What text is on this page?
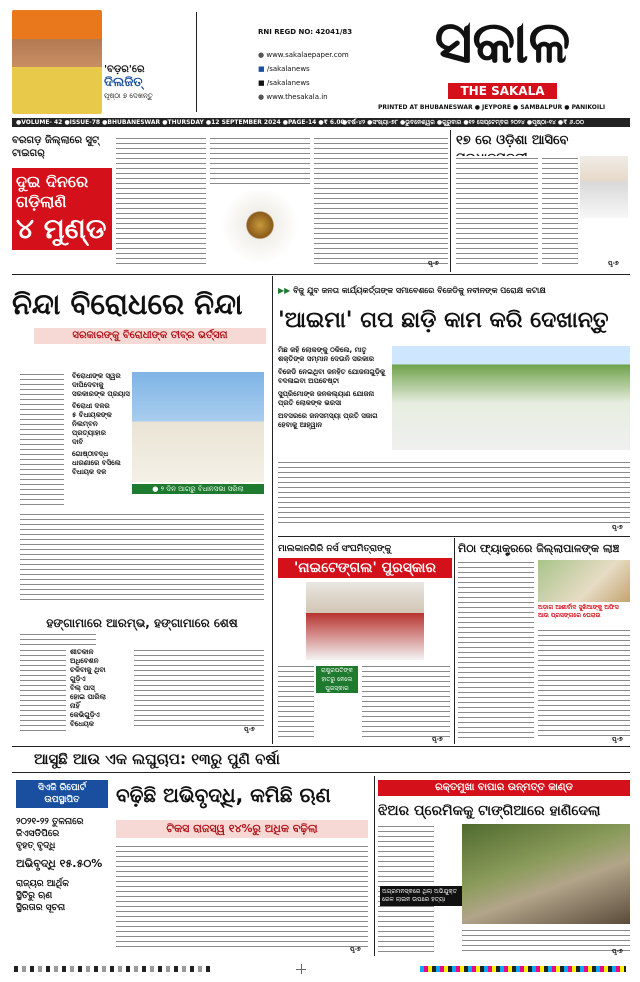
'ବଡ଼ର'ରେ
ଦିଲଜିତ୍
ପୃଷ୍ଠା ୭ ଦେଖନ୍ତୁ
RNI REGD NO: 42041/83
● www.sakalaepaper.com
■ /sakalanews
■ /sakalanews
● www.thesakala.in
ସକାଳ
THE SAKALA
PRINTED AT BHUBANESWAR ● JEYPORE ● SAMBALPUR ● PANIKOILI
●VOLUME- 42 ●ISSUE-78 ●BHUBANESWAR ●THURSDAY ●12 SEPTEMBER 2024 ●PAGE-14 ●₹ 6.00
●ବର୍ଷ-୪୨ ●ସଂଖ୍ୟା-୭୮ ●ଭୁବନେଶ୍ୱର ●ଗୁରୁବାର ●୧୨ ସେପ୍ଟେମ୍ବର ୨୦୨୪ ●ପୃଷ୍ଠା-୧୪ ●₹ ୬.୦୦
ବରଗଡ଼ ଜିଲ୍ଲାରେ ସୁଟ୍ ଟାଇଗର୍
ଦୁଇ ଦିନରେ
ଗଡ଼ିଲାଣି
୪ ମୁଣ୍ଡ
ପୃ-୭
୧୭ ରେ ଓଡ଼ିଶା ଆସିବେ
ପୃ-୭
ନିନ୍ଦା ବିରୋଧରେ ନିନ୍ଦା
ସରକାରଙ୍କୁ ବିରୋଧୀଙ୍କ ତୀବ୍ର ଭର୍ତ୍ସନା
ବିରୋଧୀଙ୍କ ସ୍ୱର
ଦାପିଦେବାକୁ
ସରକାରଙ୍କ ପ୍ରୟାସ
ବିରୋଧୀ ଦଳର
୫ ବିଧାୟକଙ୍କ
ନିଲମ୍ବନ ପ୍ରତ୍ୟାହାର
ଦାବି
ଗୋଷ୍ଠୀବଦ୍ଧ
ଧାରଣାରେ ବସିଲେ
ବିଧାୟକ ଦଳ
● ୨ ଦିନ ଆଗରୁ ବିଧାନସଭା ସରିଲା
ହଙ୍ଗାମାରେ ଆରମ୍ଭ, ହଙ୍ଗାମାରେ ଶେଷ
ଶୀତକାଳ
ଅଧିବେଶନ
ଚଳିବାକୁ ଥିବା
ଗୁଡ଼ିଏ
ବିଲ୍ ପାସ୍
ହୋଇ ପାରିଲା
ନାହିଁ
କେଭିଗୁଡ଼ିଏ
ବିଧେୟକ
ପୃ-୭
▶▶ ବିଜୁ ଯୁବ ଜନତା କାର୍ଯ୍ୟକର୍ତ୍ତାଙ୍କ ସମାବେଶରେ ବିଜେଡିକୁ ନବୀନଙ୍କ ପରୋକ୍ଷ କଟାକ୍ଷ
'ଆଇମା' ଗପ ଛାଡ଼ି କାମ କରି ଦେଖାନ୍ତୁ
ମିଛ କହି ଲୋକଙ୍କୁ ଠକିଲେ, ମାତୃ ଶକ୍ତିଙ୍କ ସମ୍ମାନ ଦେଉନି ସରକାର
ବିଜେଡି ନେଇଥିବା ଜନହିତ ଯୋଜନାଗୁଡ଼ିକୁ ବଦଳାଇବା ଅପଚେଷ୍ଟା
ସୁପ୍ରିମୋଙ୍କ ଜନକଲ୍ୟାଣ ଯୋଜନା ପ୍ରତି ଲୋକଙ୍କ ଭରସା
ଅବସରରେ ଜନସମସ୍ୟା ପ୍ରତି ସଜାଗ ହେବାକୁ ଆହ୍ୱାନ
ପୃ-୭
ମାଲକାନଗିରି ନର୍ସ ସଂଘମିତ୍ରାଙ୍କୁ
'ନାଇଟେଙ୍ଗଲ' ପୁରସ୍କାର
ରାଷ୍ଟ୍ରପତିଙ୍କ
ହାତରୁ ନେଲେ
ପୁରସ୍କାର
ପୃ-୭
ମିଠା ଫ୍ୟାକ୍ଟ୍ରରେ ଜିଲ୍ଲାପାଳଙ୍କ ଲାଞ୍ଚ
ଅଡ଼ାଗ ଆଶୀର୍ବାଦ ସୁଖିଆଙ୍କୁ ଅଫିସ ଆଉ ପ୍ରସଙ୍ଗରେ ଘେରାଉ
ପୃ-୭
ଆସୁଛି ଆଉ ଏକ ଲଘୁଚାପ: ୧୩ରୁ ପୁଣି ବର୍ଷା
ସିଏଜି ରିପୋର୍ଟ
ଉପସ୍ଥାପିତ	ବଢ଼ିଛି ଅଭିବୃଦ୍ଧି, କମିଛି ଋଣ
୨୦୨୧-୨୨ ତୁଳନାରେ
ଜିଏସଡିପିରେ
ବୃହତ୍ ବୃଦ୍ଧି
ଅଭିବୃଦ୍ଧି ୧୫.୫୦%
ରାଜ୍ୟର ଆର୍ଥିକ
ସ୍ଥିତିରୁ ଋଣ
ସ୍ଥିରତାର ସୂଚନା
ଟିକସ ରାଜସ୍ୱ ୧୪%ରୁ ଅଧିକ ବଢ଼ିଲା
ପୃ-୭
ରକ୍ତମୁଖା ବାପାର ଉନ୍ମତ୍ତ କାଣ୍ଡ
ଝିଅର ପ୍ରେମିକକୁ ଟାଙ୍ଗିଆରେ ହାଣିଦେଲା
ଅଗ୍ରମନସ୍କରେ ଥିଲା ଅଭିଯୁକ୍ତ
ରେଳ ଲାଇନ ଉପରେ ହତ୍ୟା
ପୃ-୭
